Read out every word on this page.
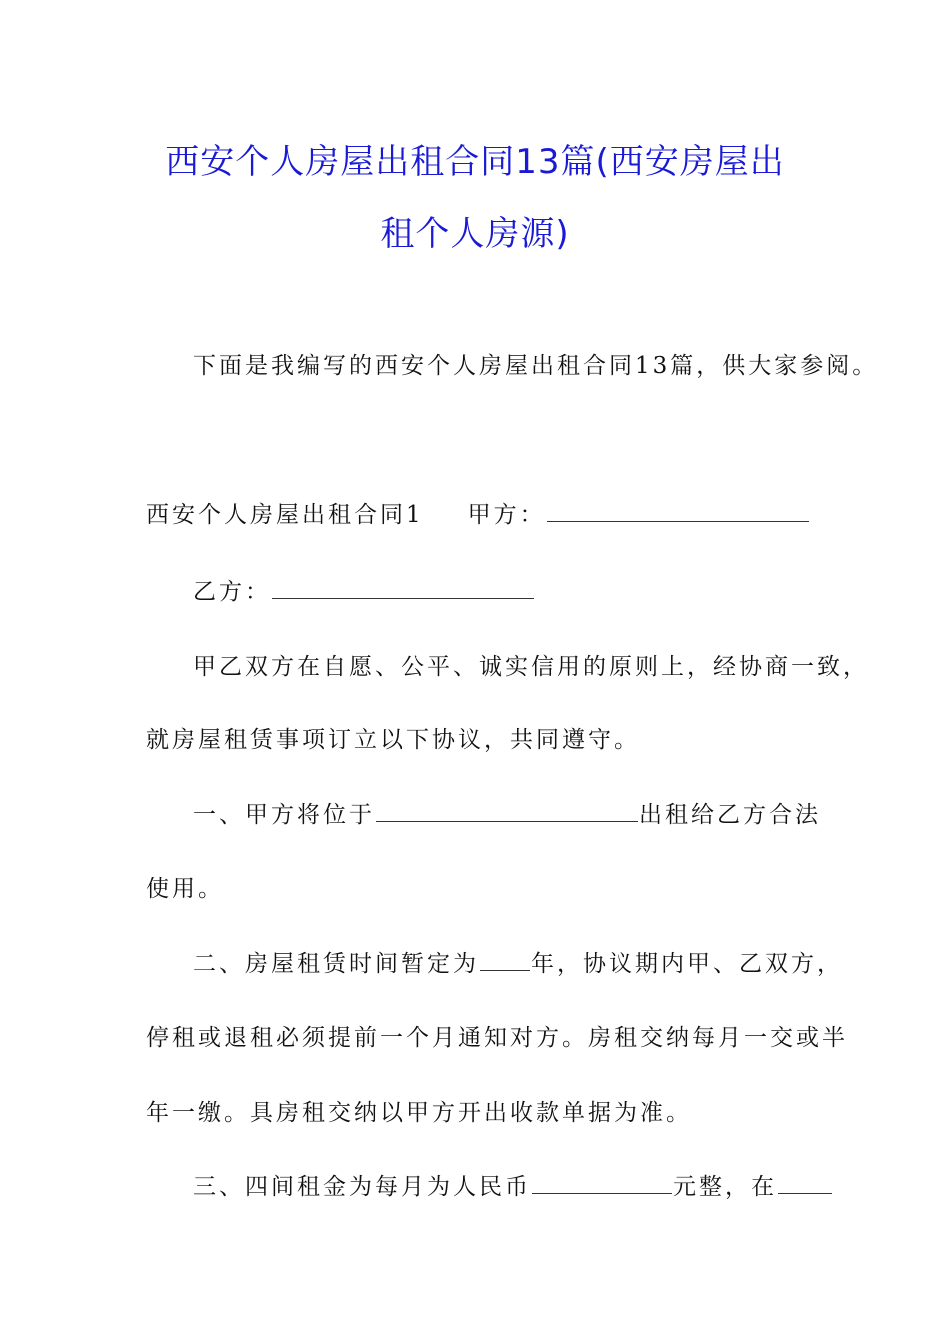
西安个人房屋出租合同13篇(西安房屋出
租个人房源)
下面是我编写的西安个人房屋出租合同13篇，供大家参阅。
西安个人房屋出租合同1 甲方：
乙方：
甲乙双方在自愿、公平、诚实信用的原则上，经协商一致，
就房屋租赁事项订立以下协议，共同遵守。
一、甲方将位于	出租给乙方合法
使用。
二、房屋租赁时间暂定为 年，协议期内甲、乙双方，
停租或退租必须提前一个月通知对方。房租交纳每月一交或半
年一缴。具房租交纳以甲方开出收款单据为准。
三、四间租金为每月为人民币	元整，在
